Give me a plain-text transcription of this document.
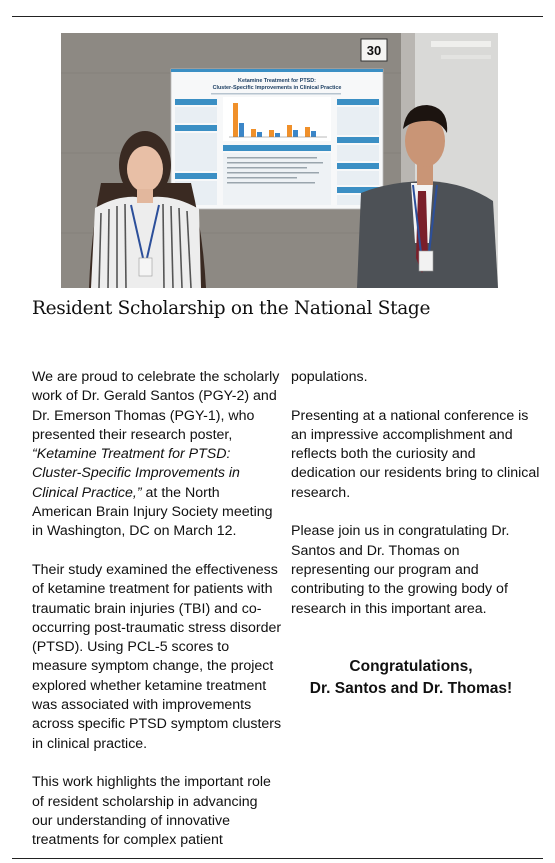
30
Ketamine Treatment for PTSD:
Cluster-Specific Improvements in Clinical Practice
Resident Scholarship on the National Stage

We are proud to celebrate the scholarly work of Dr. Gerald Santos (PGY-2) and Dr. Emerson Thomas (PGY-1), who presented their research poster, “Ketamine Treatment for PTSD: Cluster-Specific Improvements in Clinical Practice,” at the North American Brain Injury Society meeting in Washington, DC on March 12.

Their study examined the effectiveness of ketamine treatment for patients with traumatic brain injuries (TBI) and co-occurring post-traumatic stress disorder (PTSD). Using PCL-5 scores to measure symptom change, the project explored whether ketamine treatment was associated with improvements across specific PTSD symptom clusters in clinical practice.

This work highlights the important role of resident scholarship in advancing our understanding of innovative treatments for complex patient

populations.

Presenting at a national conference is an impressive accomplishment and reflects both the curiosity and dedication our residents bring to clinical research.

Please join us in congratulating Dr. Santos and Dr. Thomas on representing our program and contributing to the growing body of research in this important area.

Congratulations,
Dr. Santos and Dr. Thomas!
